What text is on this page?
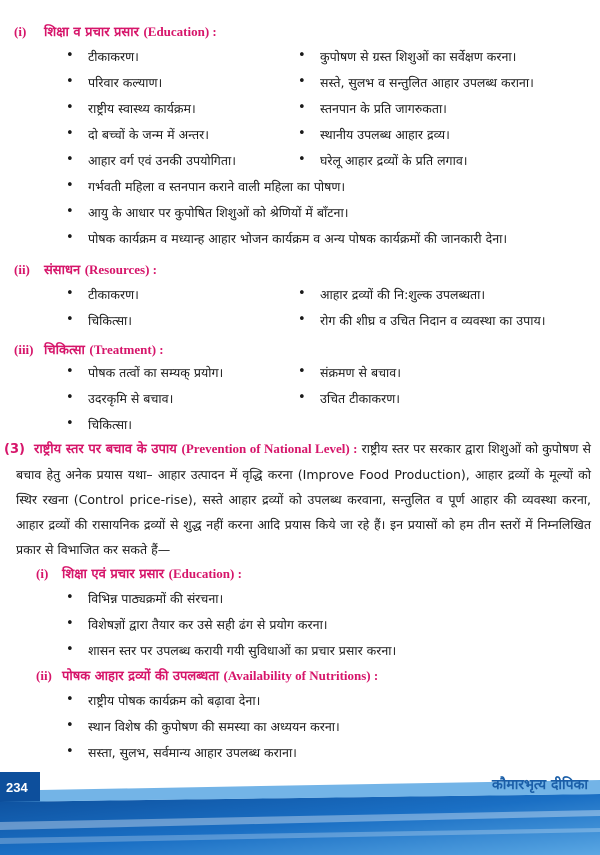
(i) शिक्षा व प्रचार प्रसार (Education) :
• टीकाकरण।
• परिवार कल्याण।
• राष्ट्रीय स्वास्थ्य कार्यक्रम।
• दो बच्चों के जन्म में अन्तर।
• आहार वर्ग एवं उनकी उपयोगिता।
• कुपोषण से ग्रस्त शिशुओं का सर्वेक्षण करना।
• सस्ते, सुलभ व सन्तुलित आहार उपलब्ध कराना।
• स्तनपान के प्रति जागरुकता।
• स्थानीय उपलब्ध आहार द्रव्य।
• घरेलू आहार द्रव्यों के प्रति लगाव।
• गर्भवती महिला व स्तनपान कराने वाली महिला का पोषण।
• आयु के आधार पर कुपोषित शिशुओं को श्रेणियों में बाँटना।
• पोषक कार्यक्रम व मध्यान्ह आहार भोजन कार्यक्रम व अन्य पोषक कार्यक्रमों की जानकारी देना।
(ii) संसाधन (Resources) :
• टीकाकरण।
• चिकित्सा।
• आहार द्रव्यों की नि:शुल्क उपलब्धता।
• रोग की शीघ्र व उचित निदान व व्यवस्था का उपाय।
(iii) चिकित्सा (Treatment) :
• पोषक तत्वों का सम्यक् प्रयोग।
• उदरकृमि से बचाव।
• चिकित्सा।
• संक्रमण से बचाव।
• उचित टीकाकरण।
(3) राष्ट्रीय स्तर पर बचाव के उपाय (Prevention of National Level) : राष्ट्रीय स्तर पर सरकार द्वारा शिशुओं को कुपोषण से बचाव हेतु अनेक प्रयास यथा– आहार उत्पादन में वृद्धि करना (Improve Food Production), आहार द्रव्यों के मूल्यों को स्थिर रखना (Control price-rise), सस्ते आहार द्रव्यों को उपलब्ध करवाना, सन्तुलित व पूर्ण आहार की व्यवस्था करना, आहार द्रव्यों की रासायनिक द्रव्यों से शुद्ध नहीं करना आदि प्रयास किये जा रहे हैं। इन प्रयासों को हम तीन स्तरों में निम्नलिखित प्रकार से विभाजित कर सकते हैं—
(i) शिक्षा एवं प्रचार प्रसार (Education) :
• विभिन्न पाठ्यक्रमों की संरचना।
• विशेषज्ञों द्वारा तैयार कर उसे सही ढंग से प्रयोग करना।
• शासन स्तर पर उपलब्ध करायी गयी सुविधाओं का प्रचार प्रसार करना।
(ii) पोषक आहार द्रव्यों की उपलब्धता (Availability of Nutritions) :
• राष्ट्रीय पोषक कार्यक्रम को बढ़ावा देना।
• स्थान विशेष की कुपोषण की समस्या का अध्ययन करना।
• सस्ता, सुलभ, सर्वमान्य आहार उपलब्ध कराना।
234	कौमारभृत्य दीपिका
